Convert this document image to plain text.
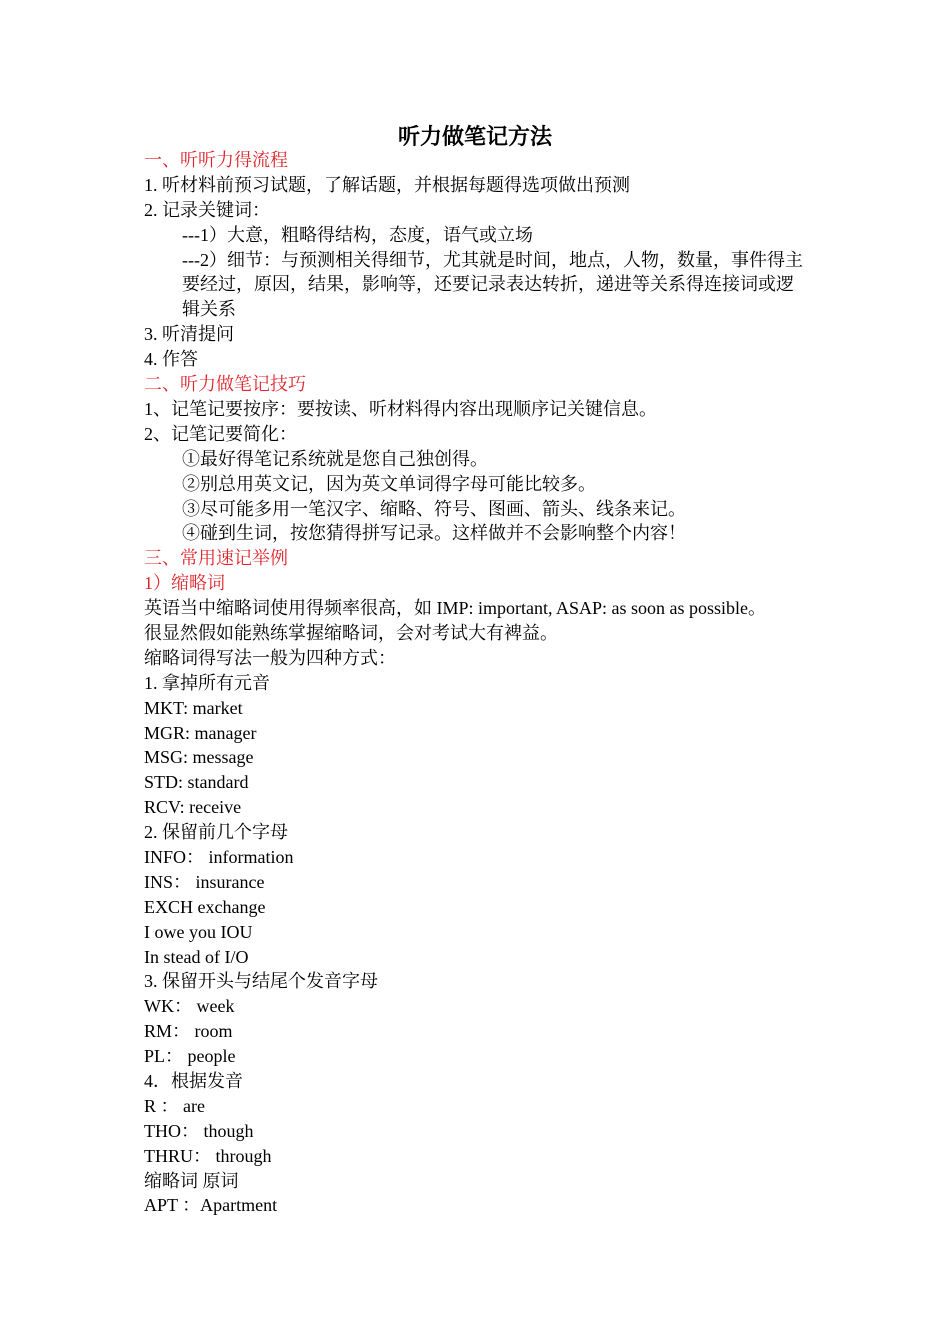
听力做笔记方法
一、听听力得流程
1. 听材料前预习试题，了解话题，并根据每题得选项做出预测
2. 记录关键词：
---1）大意，粗略得结构，态度，语气或立场
---2）细节：与预测相关得细节，尤其就是时间，地点，人物，数量，事件得主要经过，原因，结果，影响等，还要记录表达转折，递进等关系得连接词或逻辑关系
3. 听清提问
4. 作答
二、听力做笔记技巧
1、记笔记要按序：要按读、听材料得内容出现顺序记关键信息。
2、记笔记要简化：
①最好得笔记系统就是您自己独创得。
②别总用英文记，因为英文单词得字母可能比较多。
③尽可能多用一笔汉字、缩略、符号、图画、箭头、线条来记。
④碰到生词，按您猜得拼写记录。这样做并不会影响整个内容！
三、常用速记举例
1）缩略词
英语当中缩略词使用得频率很高，如 IMP: important, ASAP: as soon as possible。
很显然假如能熟练掌握缩略词，会对考试大有裨益。
缩略词得写法一般为四种方式：
1. 拿掉所有元音
MKT: market
MGR: manager
MSG: message
STD: standard
RCV: receive
2. 保留前几个字母
INFO： information
INS： insurance
EXCH exchange
I owe you IOU
In stead of I/O
3. 保留开头与结尾个发音字母
WK： week
RM： room
PL： people
4．根据发音
R ： are
THO： though
THRU： through
缩略词 原词
APT ：Apartment
